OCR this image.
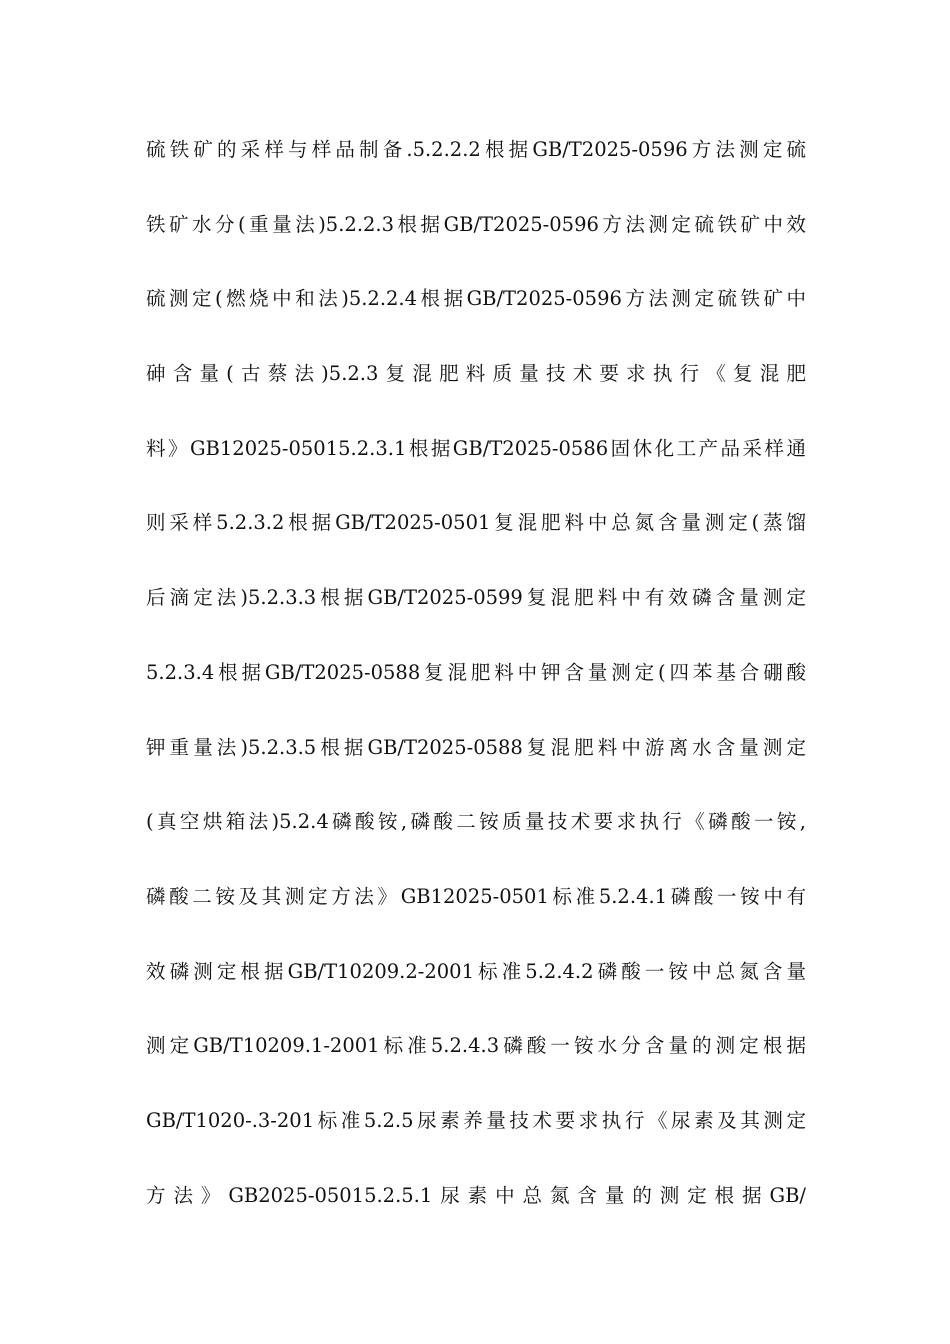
硫铁矿的采样与样品制备.5.2.2.2根据GB/T2025-0596方法测定硫
铁矿水分(重量法)5.2.2.3根据GB/T2025-0596方法测定硫铁矿中效
硫测定(燃烧中和法)5.2.2.4根据GB/T2025-0596方法测定硫铁矿中
砷含量(古蔡法)5.2.3复混肥料质量技术要求执行《复混肥
料》GB12025-05015.2.3.1根据GB/T2025-0586固休化工产品采样通
则采样5.2.3.2根据GB/T2025-0501复混肥料中总氮含量测定(蒸馏
后滴定法)5.2.3.3根据GB/T2025-0599复混肥料中有效磷含量测定
5.2.3.4根据GB/T2025-0588复混肥料中钾含量测定(四苯基合硼酸
钾重量法)5.2.3.5根据GB/T2025-0588复混肥料中游离水含量测定
(真空烘箱法)5.2.4磷酸铵,磷酸二铵质量技术要求执行《磷酸一铵,
磷酸二铵及其测定方法》GB12025-0501标准5.2.4.1磷酸一铵中有
效磷测定根据GB/T10209.2-2001标准5.2.4.2磷酸一铵中总氮含量
测定GB/T10209.1-2001标准5.2.4.3磷酸一铵水分含量的测定根据
GB/T1020-.3-201标准5.2.5尿素养量技术要求执行《尿素及其测定
方法》GB2025-05015.2.5.1尿素中总氮含量的测定根据GB/
